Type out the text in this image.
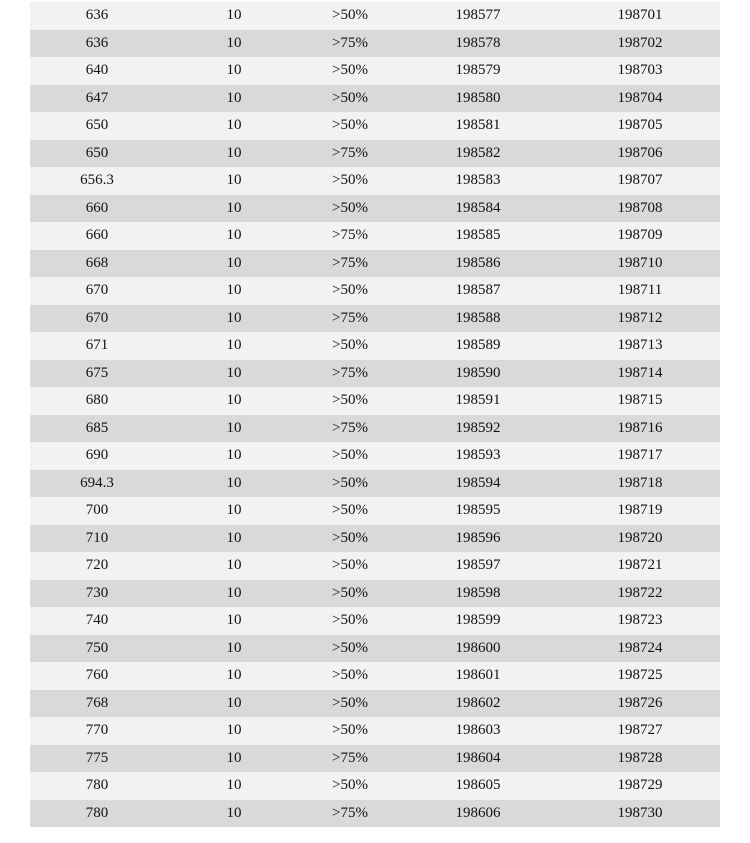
636	10	>50%	198577	198701
636	10	>75%	198578	198702
640	10	>50%	198579	198703
647	10	>50%	198580	198704
650	10	>50%	198581	198705
650	10	>75%	198582	198706
656.3	10	>50%	198583	198707
660	10	>50%	198584	198708
660	10	>75%	198585	198709
668	10	>75%	198586	198710
670	10	>50%	198587	198711
670	10	>75%	198588	198712
671	10	>50%	198589	198713
675	10	>75%	198590	198714
680	10	>50%	198591	198715
685	10	>75%	198592	198716
690	10	>50%	198593	198717
694.3	10	>50%	198594	198718
700	10	>50%	198595	198719
710	10	>50%	198596	198720
720	10	>50%	198597	198721
730	10	>50%	198598	198722
740	10	>50%	198599	198723
750	10	>50%	198600	198724
760	10	>50%	198601	198725
768	10	>50%	198602	198726
770	10	>50%	198603	198727
775	10	>75%	198604	198728
780	10	>50%	198605	198729
780	10	>75%	198606	198730
